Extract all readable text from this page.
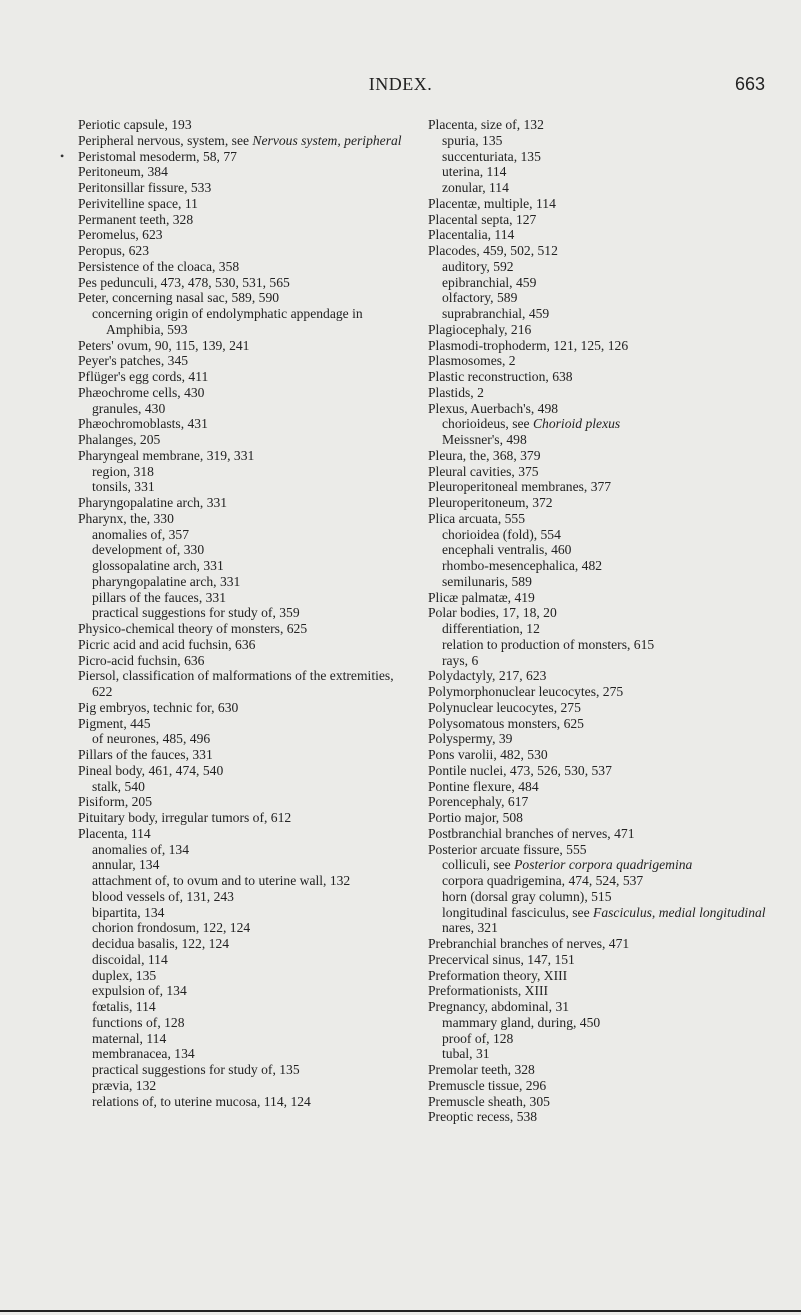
INDEX.	663
Periotic capsule, 193
Peripheral nervous, system, see Nervous system, peripheral
Peristomal mesoderm, 58, 77
Peritoneum, 384
Peritonsillar fissure, 533
Perivitelline space, 11
Permanent teeth, 328
Peromelus, 623
Peropus, 623
Persistence of the cloaca, 358
Pes pedunculi, 473, 478, 530, 531, 565
Peter, concerning nasal sac, 589, 590
concerning origin of endolymphatic appendage in Amphibia, 593
Peters' ovum, 90, 115, 139, 241
Peyer's patches, 345
Pflüger's egg cords, 411
Phæochrome cells, 430
granules, 430
Phæochromoblasts, 431
Phalanges, 205
Pharyngeal membrane, 319, 331
region, 318
tonsils, 331
Pharyngopalatine arch, 331
Pharynx, the, 330
anomalies of, 357
development of, 330
glossopalatine arch, 331
pharyngopalatine arch, 331
pillars of the fauces, 331
practical suggestions for study of, 359
Physico-chemical theory of monsters, 625
Picric acid and acid fuchsin, 636
Picro-acid fuchsin, 636
Piersol, classification of malformations of the extremities, 622
Pig embryos, technic for, 630
Pigment, 445
of neurones, 485, 496
Pillars of the fauces, 331
Pineal body, 461, 474, 540
stalk, 540
Pisiform, 205
Pituitary body, irregular tumors of, 612
Placenta, 114
anomalies of, 134
annular, 134
attachment of, to ovum and to uterine wall, 132
blood vessels of, 131, 243
bipartita, 134
chorion frondosum, 122, 124
decidua basalis, 122, 124
discoidal, 114
duplex, 135
expulsion of, 134
fœtalis, 114
functions of, 128
maternal, 114
membranacea, 134
practical suggestions for study of, 135
prævia, 132
relations of, to uterine mucosa, 114, 124
Placenta, size of, 132
spuria, 135
succenturiata, 135
uterina, 114
zonular, 114
Placentæ, multiple, 114
Placental septa, 127
Placentalia, 114
Placodes, 459, 502, 512
auditory, 592
epibranchial, 459
olfactory, 589
suprabranchial, 459
Plagiocephaly, 216
Plasmodi-trophoderm, 121, 125, 126
Plasmosomes, 2
Plastic reconstruction, 638
Plastids, 2
Plexus, Auerbach's, 498
chorioideus, see Chorioid plexus
Meissner's, 498
Pleura, the, 368, 379
Pleural cavities, 375
Pleuroperitoneal membranes, 377
Pleuroperitoneum, 372
Plica arcuata, 555
chorioidea (fold), 554
encephali ventralis, 460
rhombo-mesencephalica, 482
semilunaris, 589
Plicæ palmatæ, 419
Polar bodies, 17, 18, 20
differentiation, 12
relation to production of monsters, 615
rays, 6
Polydactyly, 217, 623
Polymorphonuclear leucocytes, 275
Polynuclear leucocytes, 275
Polysomatous monsters, 625
Polyspermy, 39
Pons varolii, 482, 530
Pontile nuclei, 473, 526, 530, 537
Pontine flexure, 484
Porencephaly, 617
Portio major, 508
Postbranchial branches of nerves, 471
Posterior arcuate fissure, 555
colliculi, see Posterior corpora quadrigemina
corpora quadrigemina, 474, 524, 537
horn (dorsal gray column), 515
longitudinal fasciculus, see Fasciculus, medial longitudinal
nares, 321
Prebranchial branches of nerves, 471
Precervical sinus, 147, 151
Preformation theory, XIII
Preformationists, XIII
Pregnancy, abdominal, 31
mammary gland, during, 450
proof of, 128
tubal, 31
Premolar teeth, 328
Premuscle tissue, 296
Premuscle sheath, 305
Preoptic recess, 538
•
